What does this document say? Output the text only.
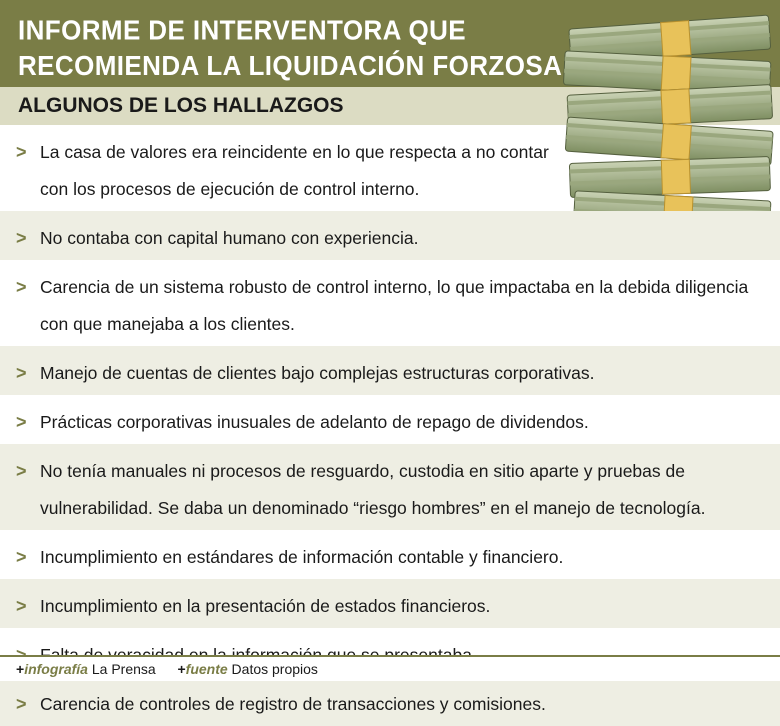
INFORME DE INTERVENTORA QUE
RECOMIENDA LA LIQUIDACIÓN FORZOSA
ALGUNOS DE LOS HALLAZGOS
> La casa de valores era reincidente en lo que respecta a no contar con los procesos de ejecución de control interno.
> No contaba con capital humano con experiencia.
> Carencia de un sistema robusto de control interno, lo que impactaba en la debida diligencia con que manejaba a los clientes.
> Manejo de cuentas de clientes bajo complejas estructuras corporativas.
> Prácticas corporativas inusuales de adelanto de repago de dividendos.
> No tenía manuales ni procesos de resguardo, custodia en sitio aparte y pruebas de vulnerabilidad. Se daba un denominado “riesgo hombres” en el manejo de tecnología.
> Incumplimiento en estándares de información contable y financiero.
> Incumplimiento en la presentación de estados financieros.
> Carencia de controles de registro de transacciones y comisiones.
+infografía La Prensa +fuente Datos propios
